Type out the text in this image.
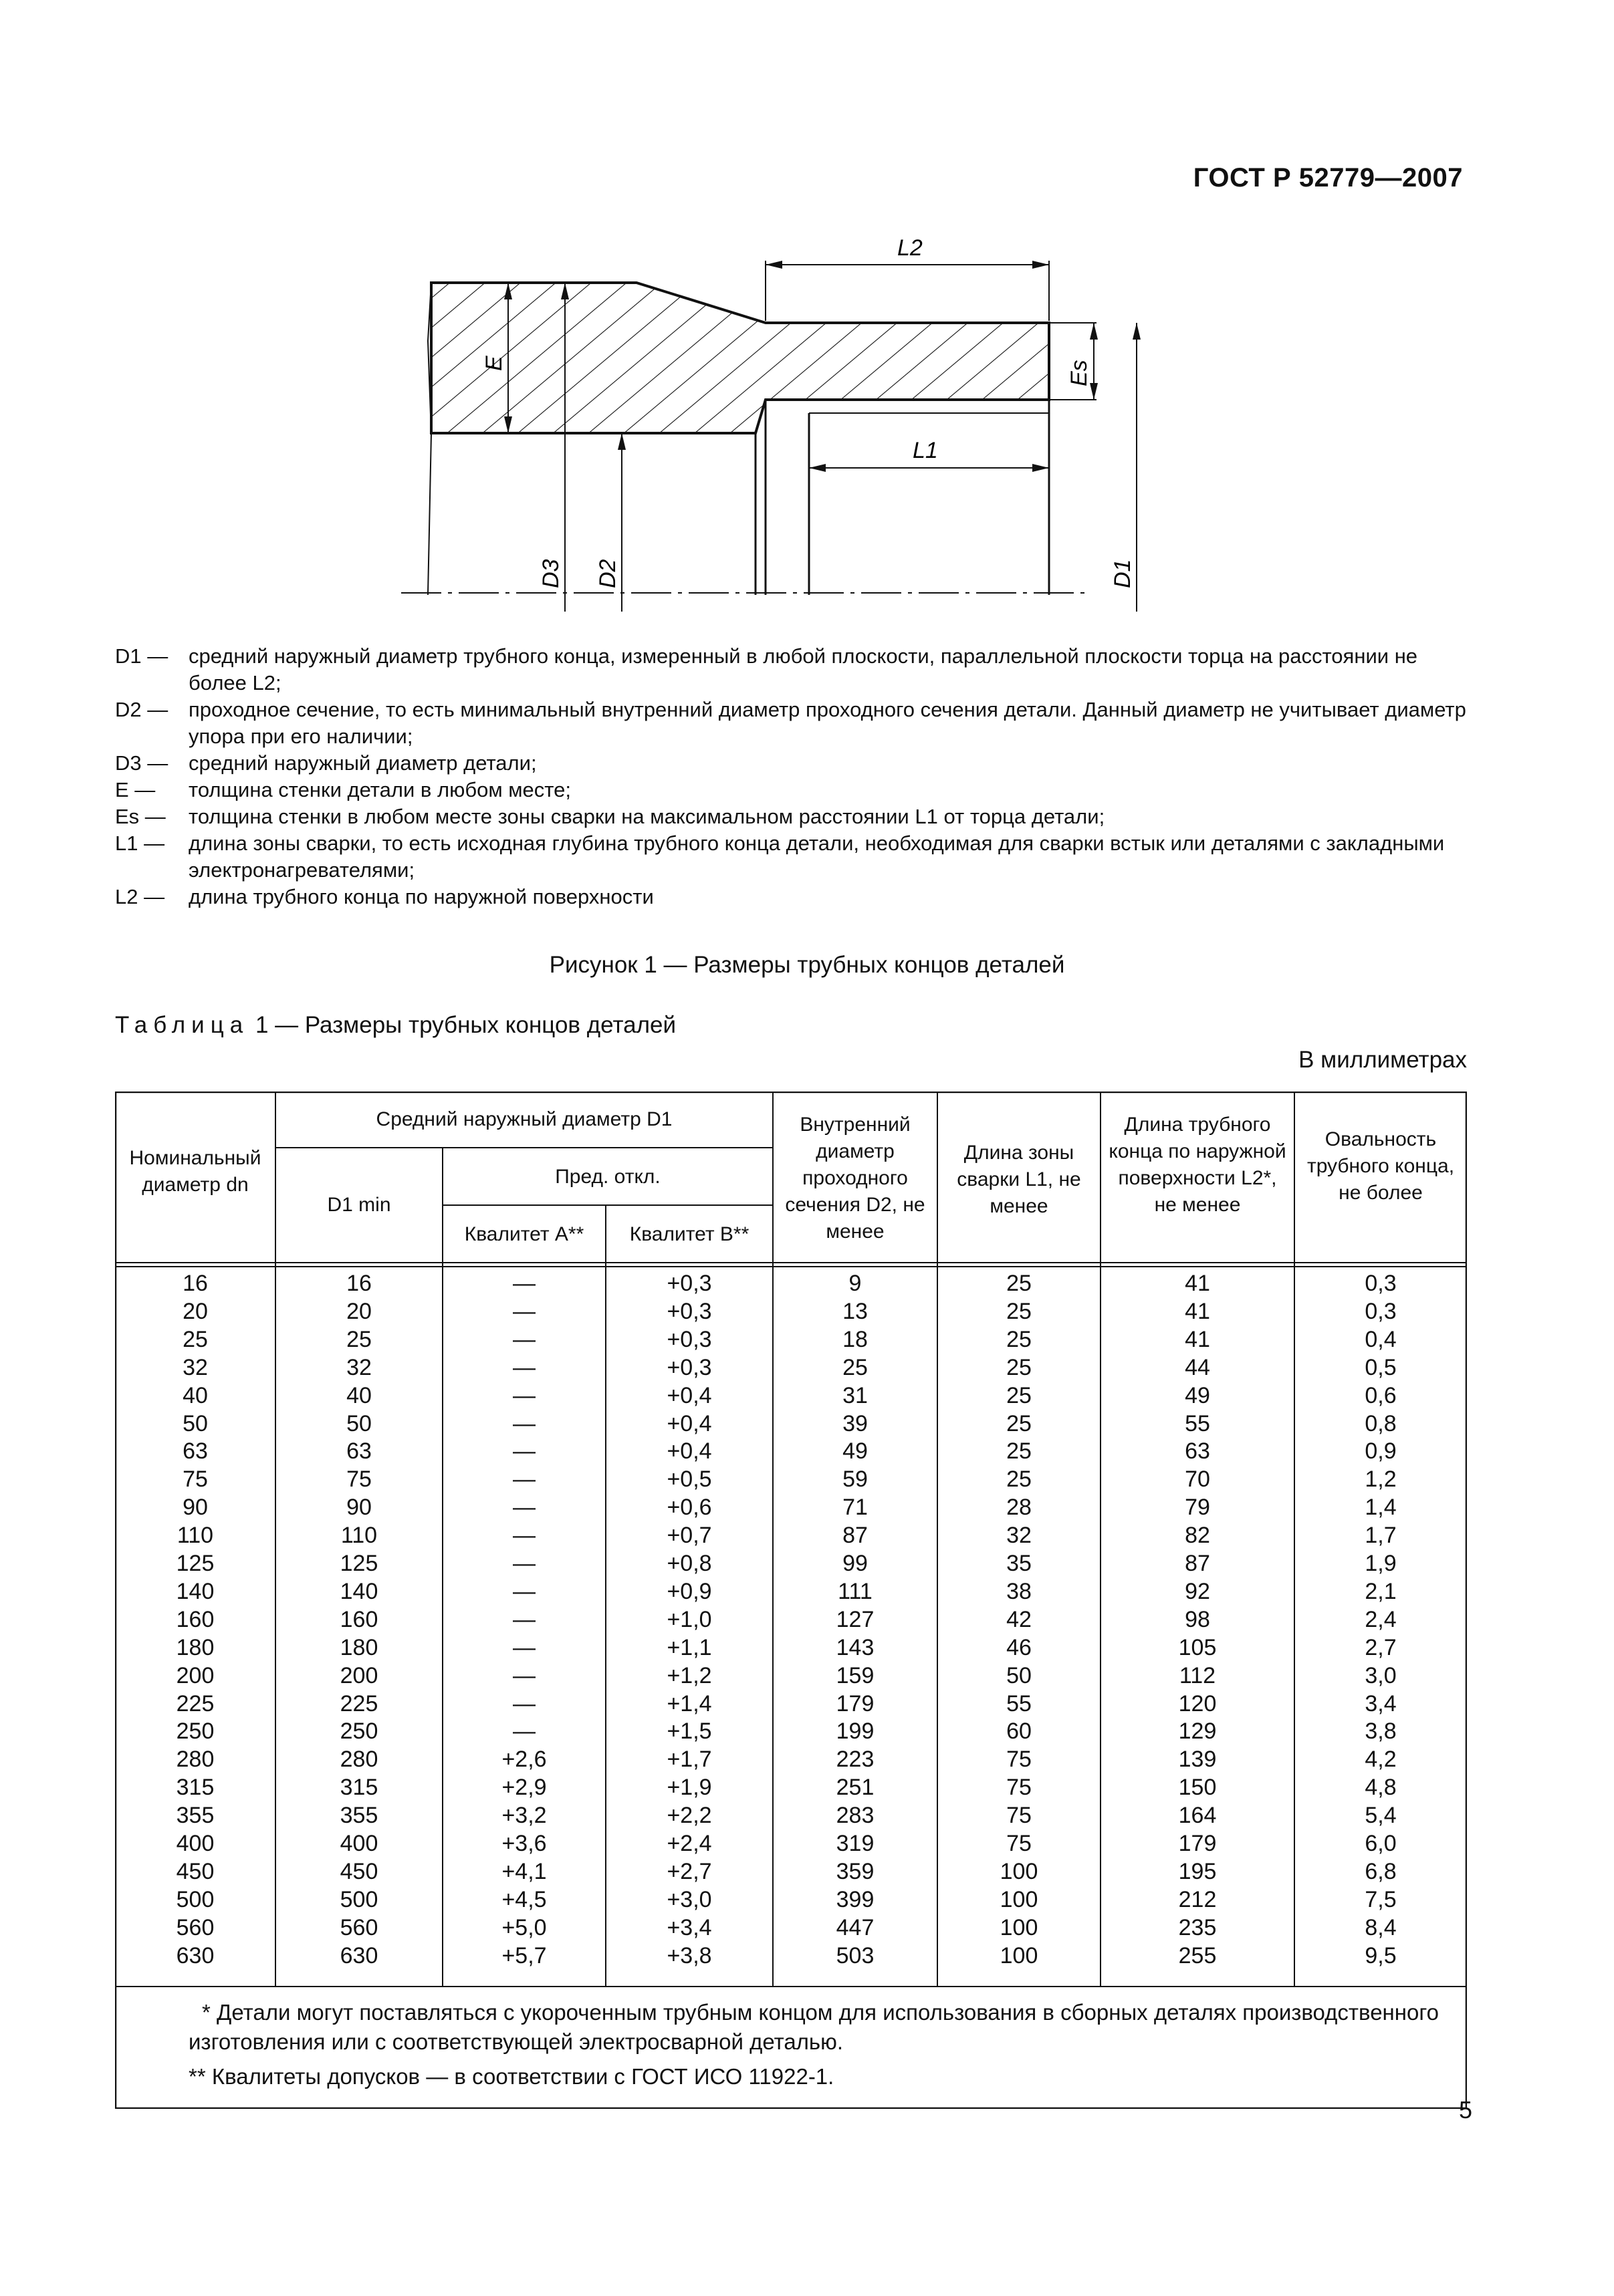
ГОСТ Р 52779—2007
L2
L1
E	Es
D1
D3 D2
D1 — средний наружный диаметр трубного конца, измеренный в любой плоскости, параллельной плоскости торца на расстоянии не более L2;
D2 — проходное сечение, то есть минимальный внутренний диаметр проходного сечения детали. Данный диаметр не учитывает диаметр упора при его наличии;
D3 — средний наружный диаметр детали;
E —	толщина стенки детали в любом месте;
Es —	толщина стенки в любом месте зоны сварки на максимальном расстоянии L1 от торца детали;
L1 —	длина зоны сварки, то есть исходная глубина трубного конца детали, необходимая для сварки встык или деталями с закладными электронагревателями;
L2 —	длина трубного конца по наружной поверхности
Рисунок 1 — Размеры трубных концов деталей
Таблица 1 — Размеры трубных концов деталей
В миллиметрах
Номинальный диаметр dn
Средний наружный диаметр D1
D1 min
Пред. откл.
Квалитет А**	Квалитет В**
Внутренний диаметр проходного сечения D2, не менее
Длина зоны сварки L1, не менее
Длина трубного конца по наружной поверхности L2*, не менее
Овальность трубного конца, не более
16	16	—	+0,3	9	25	41	0,3
20	20	—	+0,3	13	25	41	0,3
25	25	—	+0,3	18	25	41	0,4
32	32	—	+0,3	25	25	44	0,5
40	40	—	+0,4	31	25	49	0,6
50	50	—	+0,4	39	25	55	0,8
63	63	—	+0,4	49	25	63	0,9
75	75	—	+0,5	59	25	70	1,2
90	90	—	+0,6	71	28	79	1,4
110	110	—	+0,7	87	32	82	1,7
125	125	—	+0,8	99	35	87	1,9
140	140	—	+0,9	111	38	92	2,1
160	160	—	+1,0	127	42	98	2,4
180	180	—	+1,1	143	46	105	2,7
200	200	—	+1,2	159	50	112	3,0
225	225	—	+1,4	179	55	120	3,4
250	250	—	+1,5	199	60	129	3,8
280	280	+2,6	+1,7	223	75	139	4,2
315	315	+2,9	+1,9	251	75	150	4,8
355	355	+3,2	+2,2	283	75	164	5,4
400	400	+3,6	+2,4	319	75	179	6,0
450	450	+4,1	+2,7	359	100	195	6,8
500	500	+4,5	+3,0	399	100	212	7,5
560	560	+5,0	+3,4	447	100	235	8,4
630	630	+5,7	+3,8	503	100	255	9,5
* Детали могут поставляться с укороченным трубным концом для использования в сборных деталях производственного изготовления или с соответствующей электросварной деталью.
** Квалитеты допусков — в соответствии с ГОСТ ИСО 11922-1.
5
